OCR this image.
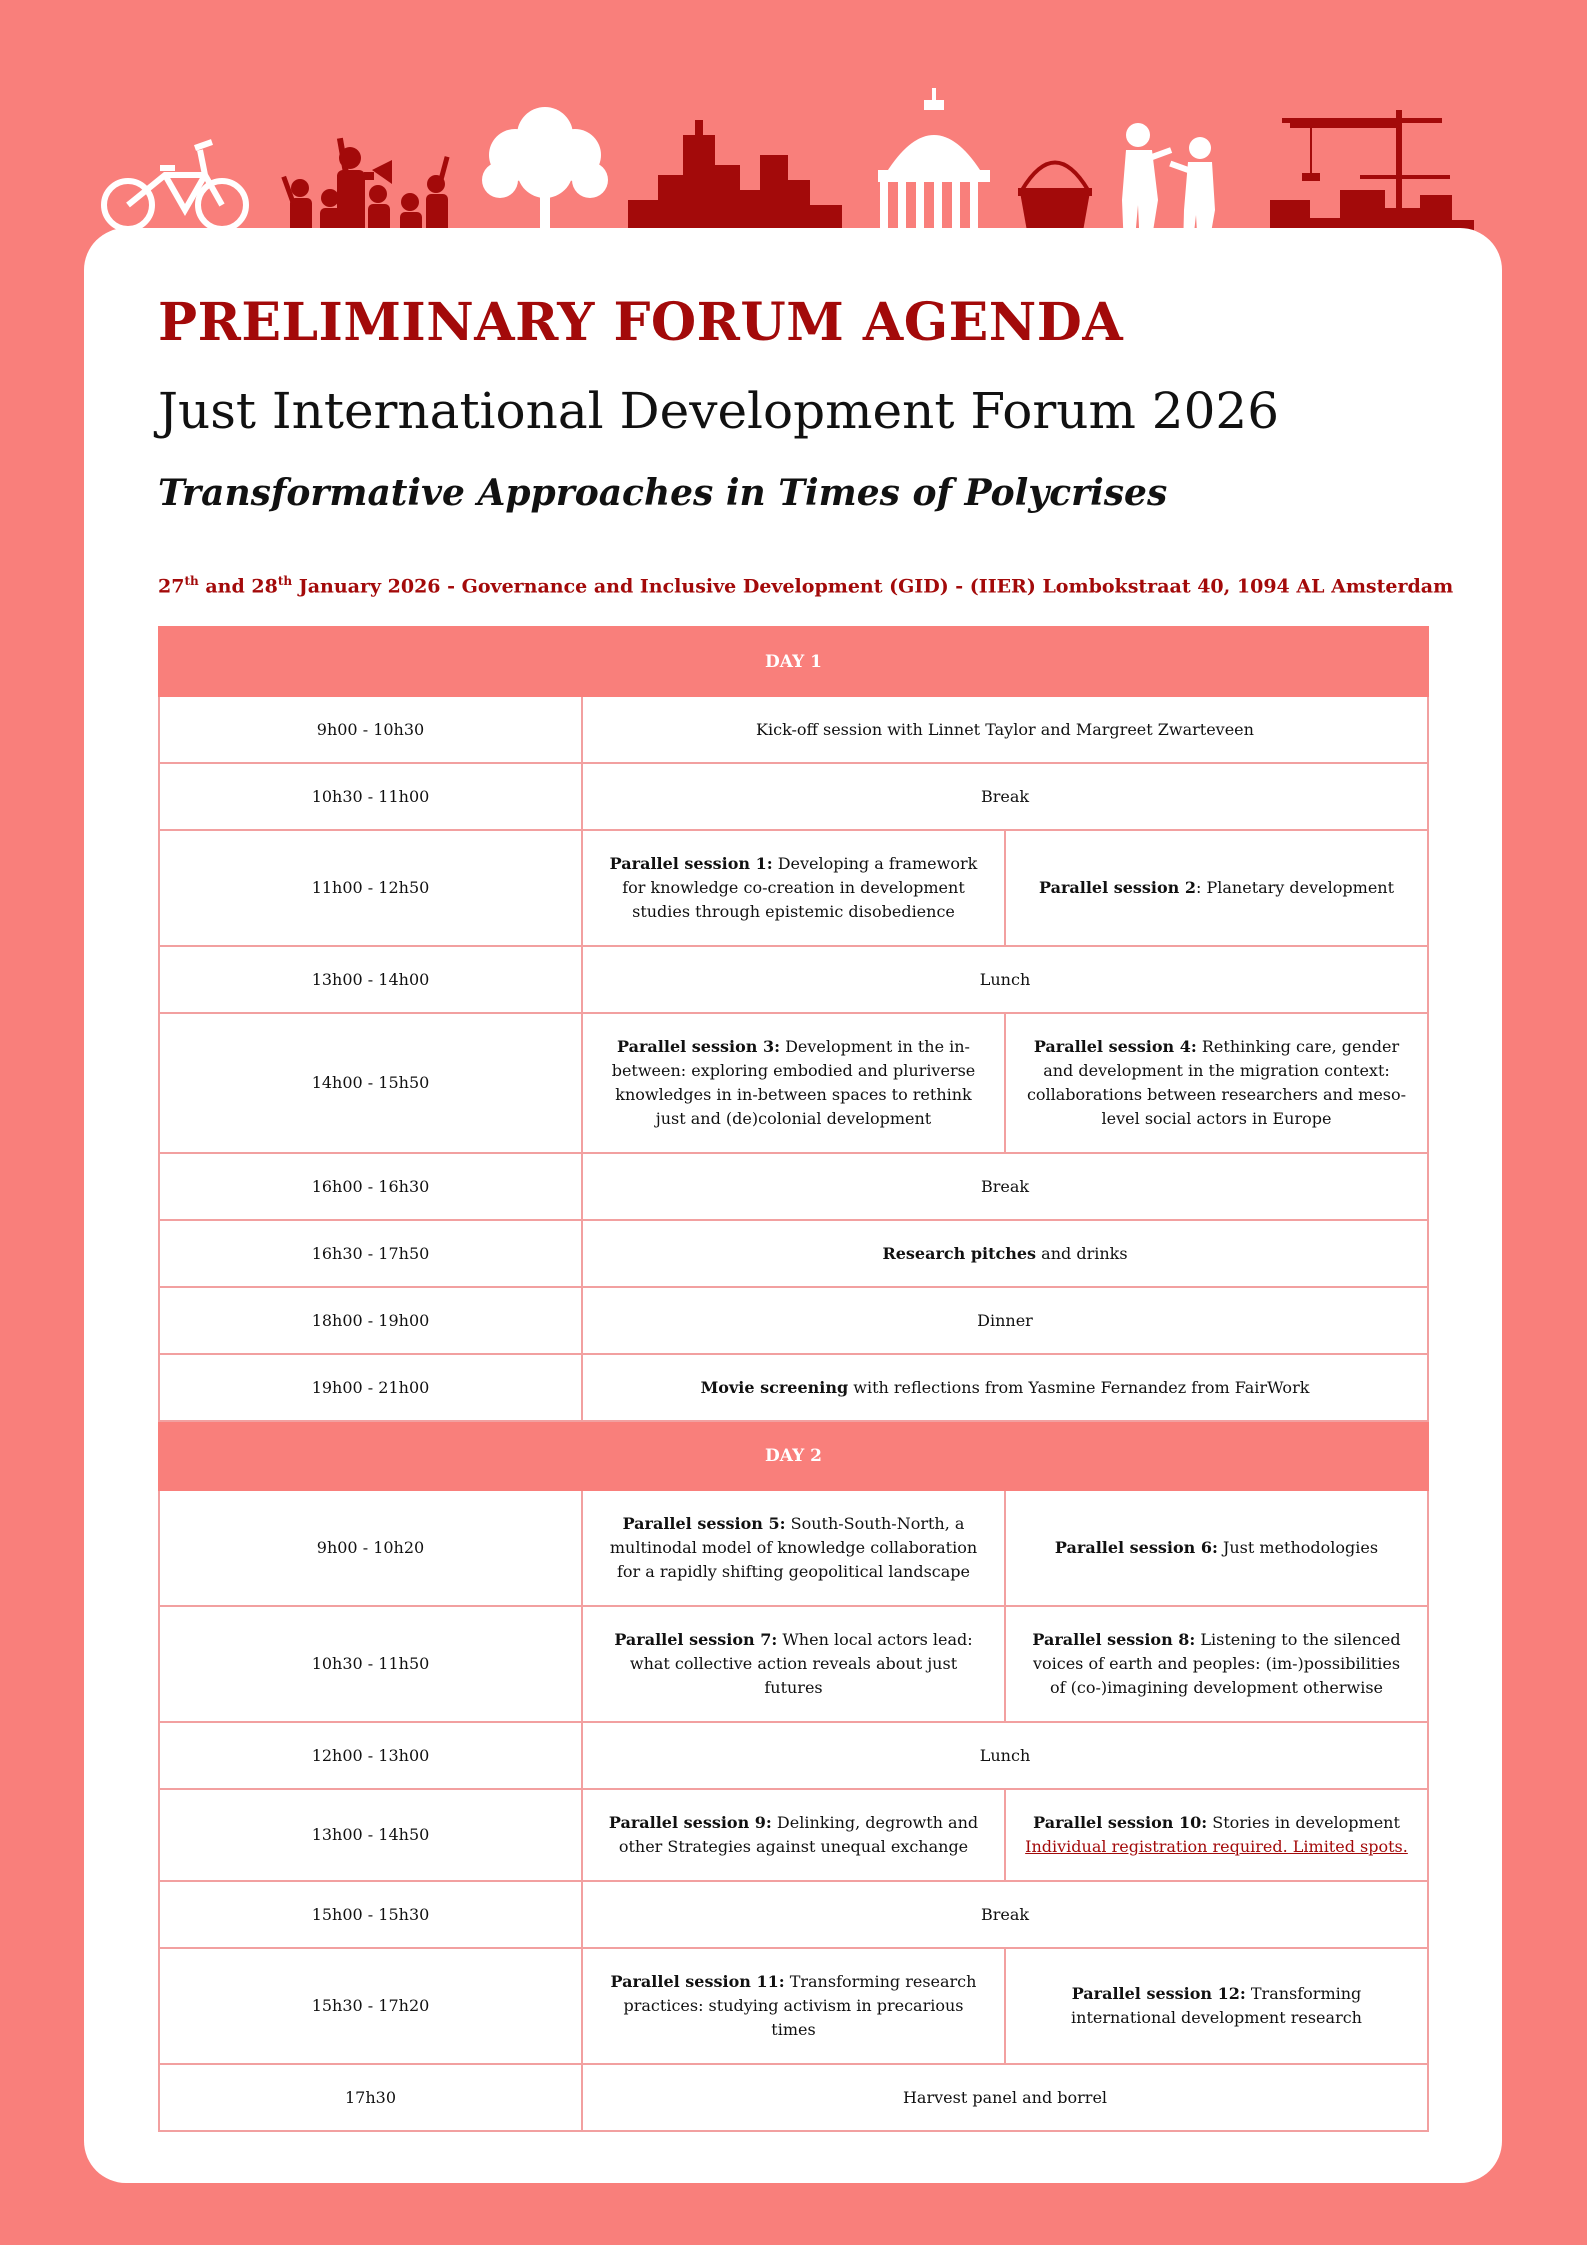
PRELIMINARY FORUM AGENDA
Just International Development Forum 2026
Transformative Approaches in Times of Polycrises

27th and 28th January 2026 - Governance and Inclusive Development (GID) - (IIER) Lombokstraat 40, 1094 AL Amsterdam

DAY 1		
9h00 - 10h30	Kick-off session with Linnet Taylor and Margreet Zwarteveen	
10h30 - 11h00	Break	
11h00 - 12h50	Parallel session 1: Developing a framework for knowledge co-creation in development studies through epistemic disobedience	Parallel session 2: Planetary development
13h00 - 14h00	Lunch	
14h00 - 15h50	Parallel session 3: Development in the in-between: exploring embodied and pluriverse knowledges in in-between spaces to rethink just and (de)colonial development	Parallel session 4: Rethinking care, gender and development in the migration context: collaborations between researchers and meso-level social actors in Europe
16h00 - 16h30	Break	
16h30 - 17h50	Research pitches and drinks	
18h00 - 19h00	Dinner	
19h00 - 21h00	Movie screening with reflections from Yasmine Fernandez from FairWork	
DAY 2		
9h00 - 10h20	Parallel session 5: South-South-North, a multinodal model of knowledge collaboration for a rapidly shifting geopolitical landscape	Parallel session 6: Just methodologies
10h30 - 11h50	Parallel session 7: When local actors lead: what collective action reveals about just futures	Parallel session 8: Listening to the silenced voices of earth and peoples: (im-)possibilities of (co-)imagining development otherwise
12h00 - 13h00	Lunch	
13h00 - 14h50	Parallel session 9: Delinking, degrowth and other Strategies against unequal exchange	Parallel session 10: Stories in development
Individual registration required. Limited spots.
15h00 - 15h30	Break	
15h30 - 17h20	Parallel session 11: Transforming research practices: studying activism in precarious times	Parallel session 12: Transforming international development research
17h30	Harvest panel and borrel	
